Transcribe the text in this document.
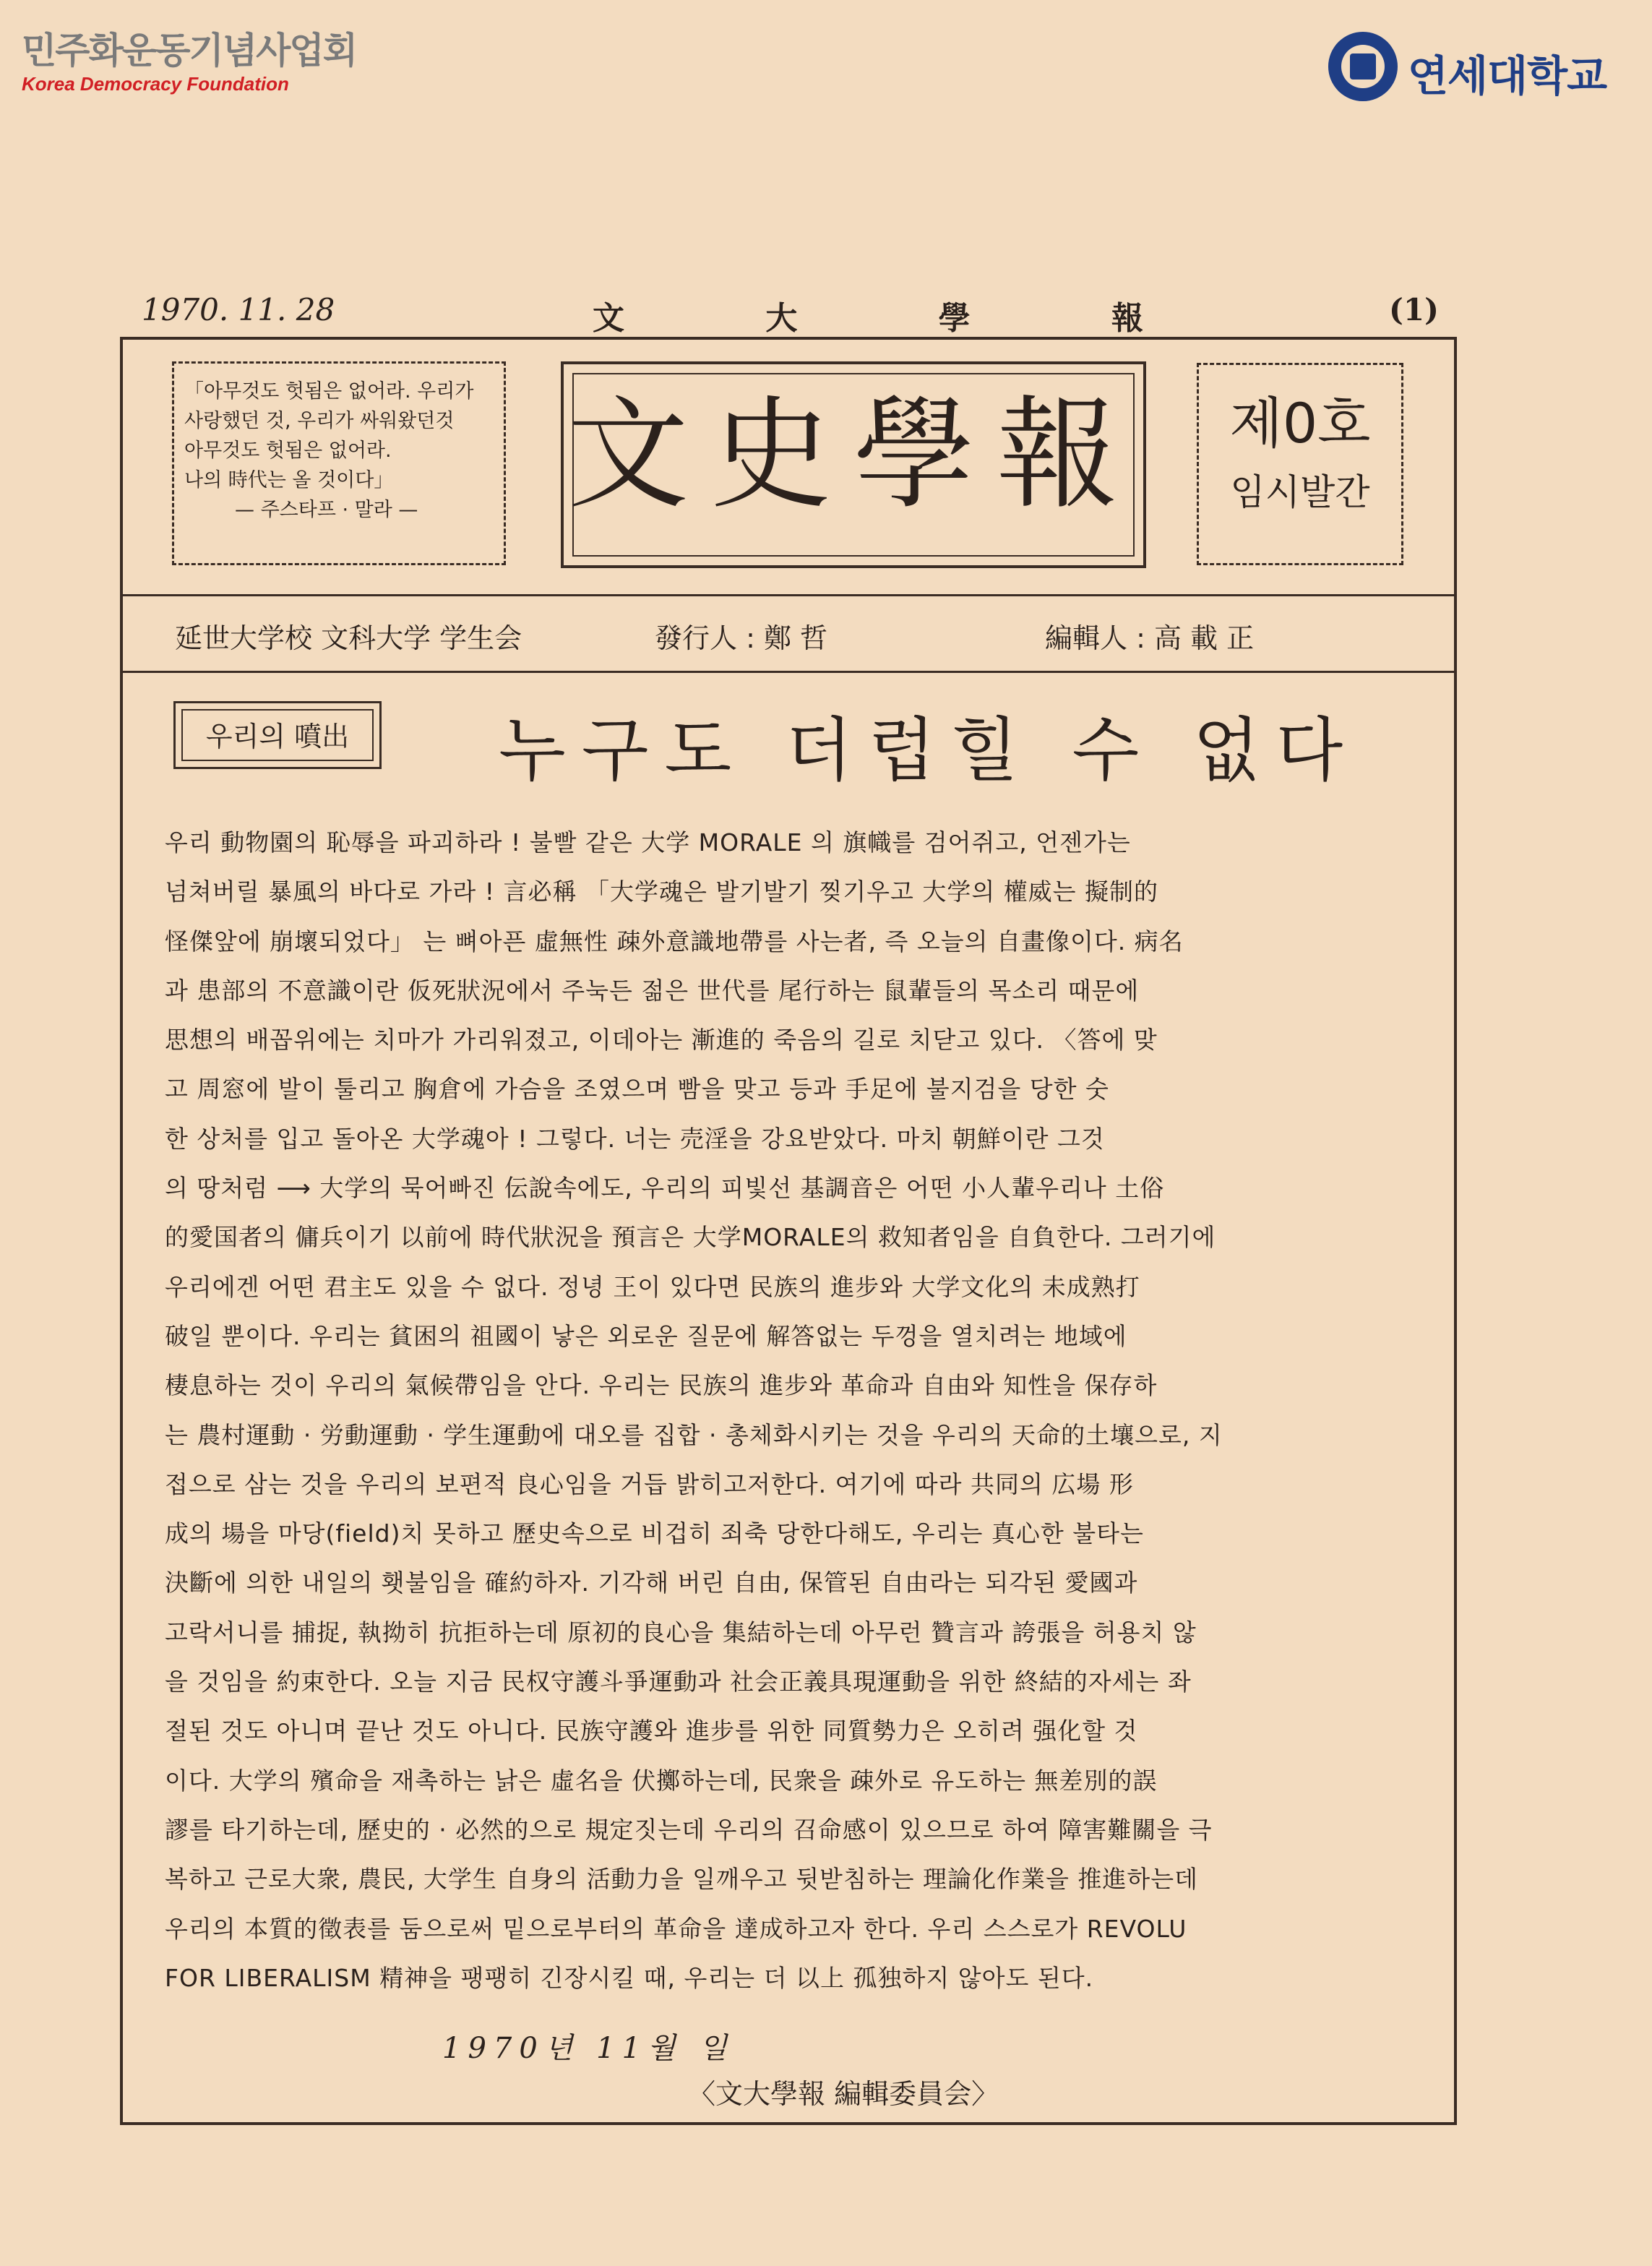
민주화운동기념사업회
Korea Democracy Foundation	연세대학교
1970. 11. 28	文 大 學 報	(1)
「아무것도 헛됨은 없어라. 우리가
사랑했던 것, 우리가 싸워왔던것
아무것도 헛됨은 없어라.
나의 時代는 올 것이다」
— 주스타프 · 말라 —	文史學報	제0호
임시발간
延世大学校 文科大学 学生会	發行人 : 鄭 哲	編輯人 : 高 載 正
우리의 噴出	누구도 더럽힐 수 없다
우리 動物園의 恥辱을 파괴하라 ! 불빨 같은 大学 MORALE 의 旗幟를 검어쥐고, 언젠가는
넘쳐버릴 暴風의 바다로 가라 ! 言必稱 「大学魂은 발기발기 찢기우고 大学의 權威는 擬制的
怪傑앞에 崩壞되었다」 는 뼈아픈 虛無性 疎外意識地帶를 사는者, 즉 오늘의 自畫像이다. 病名
과 患部의 不意識이란 仮死狀況에서 주눅든 젊은 世代를 尾行하는 鼠輩들의 목소리 때문에
思想의 배꼽위에는 치마가 가리워졌고, 이데아는 漸進的 죽음의 길로 치닫고 있다. 〈答에 맞
고 周窓에 발이 툴리고 胸倉에 가슴을 조였으며 빰을 맞고 등과 手足에 불지검을 당한 숫
한 상처를 입고 돌아온 大学魂아 ! 그렇다. 너는 売淫을 강요받았다. 마치 朝鮮이란 그것
의 땅처럼 ⟶ 大学의 묵어빠진 伝說속에도, 우리의 피빛선 基調音은 어떤 小人輩우리나 土俗
的愛国者의 傭兵이기 以前에 時代狀況을 預言은 大学MORALE의 救知者임을 自負한다. 그러기에
우리에겐 어떤 君主도 있을 수 없다. 정녕 王이 있다면 民族의 進步와 大学文化의 未成熟打
破일 뿐이다. 우리는 貧困의 祖國이 낳은 외로운 질문에 解答없는 두껑을 열치려는 地域에
棲息하는 것이 우리의 氣候帶임을 안다. 우리는 民族의 進步와 革命과 自由와 知性을 保存하
는 農村運動 · 労動運動 · 学生運動에 대오를 집합 · 총체화시키는 것을 우리의 天命的土壤으로, 지
접으로 삼는 것을 우리의 보편적 良心임을 거듭 밝히고저한다. 여기에 따라 共同의 広場 形
成의 場을 마당(field)치 못하고 歷史속으로 비겁히 죄축 당한다해도, 우리는 真心한 불타는
決斷에 의한 내일의 횃불임을 確約하자. 기각해 버린 自由, 保管된 自由라는 되각된 愛國과
고락서니를 捕捉, 執拗히 抗拒하는데 原初的良心을 集結하는데 아무런 贊言과 誇張을 허용치 않
을 것임을 約束한다. 오늘 지금 民权守護斗爭運動과 社会正義具現運動을 위한 終結的자세는 좌
절된 것도 아니며 끝난 것도 아니다. 民族守護와 進步를 위한 同質勢力은 오히려 强化할 것
이다. 大学의 殯命을 재촉하는 낡은 虛名을 伏擲하는데, 民衆을 疎外로 유도하는 無差別的誤
謬를 타기하는데, 歷史的 · 必然的으로 規定짓는데 우리의 召命感이 있으므로 하여 障害難關을 극
복하고 근로大衆, 農民, 大学生 自身의 活動力을 일깨우고 뒷받침하는 理論化作業을 推進하는데
우리의 本質的徵表를 둠으로써 밑으로부터의 革命을 達成하고자 한다. 우리 스스로가 REVOLU
FOR LIBERALISM 精神을 팽팽히 긴장시킬 때, 우리는 더 以上 孤独하지 않아도 된다.
1970년 11월 일
〈文大學報 編輯委員会〉
